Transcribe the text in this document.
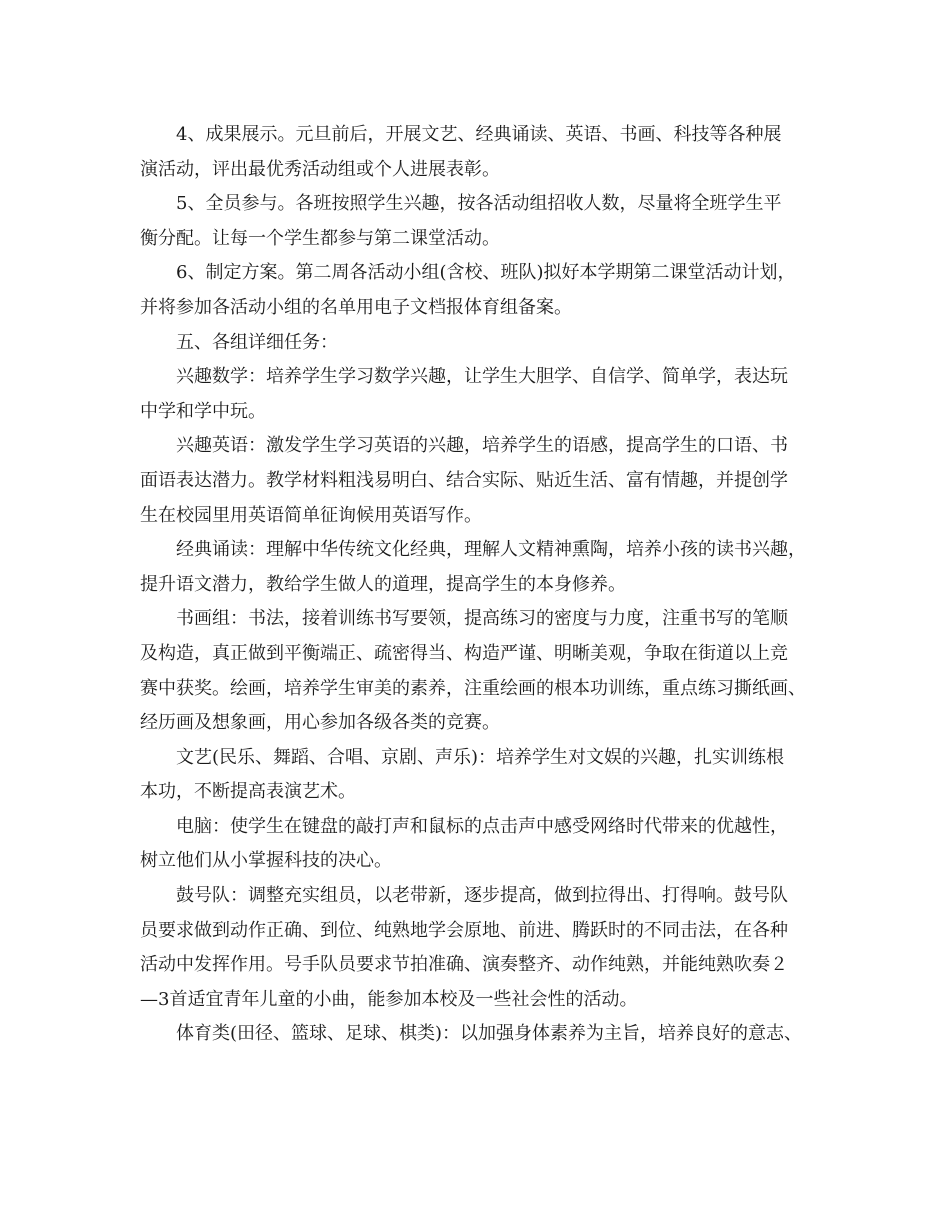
4、成果展示。元旦前后，开展文艺、经典诵读、英语、书画、科技等各种展
演活动，评出最优秀活动组或个人进展表彰。
5、全员参与。各班按照学生兴趣，按各活动组招收人数，尽量将全班学生平
衡分配。让每一个学生都参与第二课堂活动。
6、制定方案。第二周各活动小组(含校、班队)拟好本学期第二课堂活动计划，
并将参加各活动小组的名单用电子文档报体育组备案。
五、各组详细任务：
兴趣数学：培养学生学习数学兴趣，让学生大胆学、自信学、简单学，表达玩
中学和学中玩。
兴趣英语：激发学生学习英语的兴趣，培养学生的语感，提高学生的口语、书
面语表达潜力。教学材料粗浅易明白、结合实际、贴近生活、富有情趣，并提创学
生在校园里用英语简单征询候用英语写作。
经典诵读：理解中华传统文化经典，理解人文精神熏陶，培养小孩的读书兴趣，
提升语文潜力，教给学生做人的道理，提高学生的本身修养。
书画组：书法，接着训练书写要领，提高练习的密度与力度，注重书写的笔顺
及构造，真正做到平衡端正、疏密得当、构造严谨、明晰美观，争取在街道以上竞
赛中获奖。绘画，培养学生审美的素养，注重绘画的根本功训练，重点练习撕纸画、
经历画及想象画，用心参加各级各类的竞赛。
文艺(民乐、舞蹈、合唱、京剧、声乐)：培养学生对文娱的兴趣，扎实训练根
本功，不断提高表演艺术。
电脑：使学生在键盘的敲打声和鼠标的点击声中感受网络时代带来的优越性，
树立他们从小掌握科技的决心。
鼓号队：调整充实组员，以老带新，逐步提高，做到拉得出、打得响。鼓号队
员要求做到动作正确、到位、纯熟地学会原地、前进、腾跃时的不同击法，在各种
活动中发挥作用。号手队员要求节拍准确、演奏整齐、动作纯熟，并能纯熟吹奏２
—3首适宜青年儿童的小曲，能参加本校及一些社会性的活动。
体育类(田径、篮球、足球、棋类)：以加强身体素养为主旨，培养良好的意志、
